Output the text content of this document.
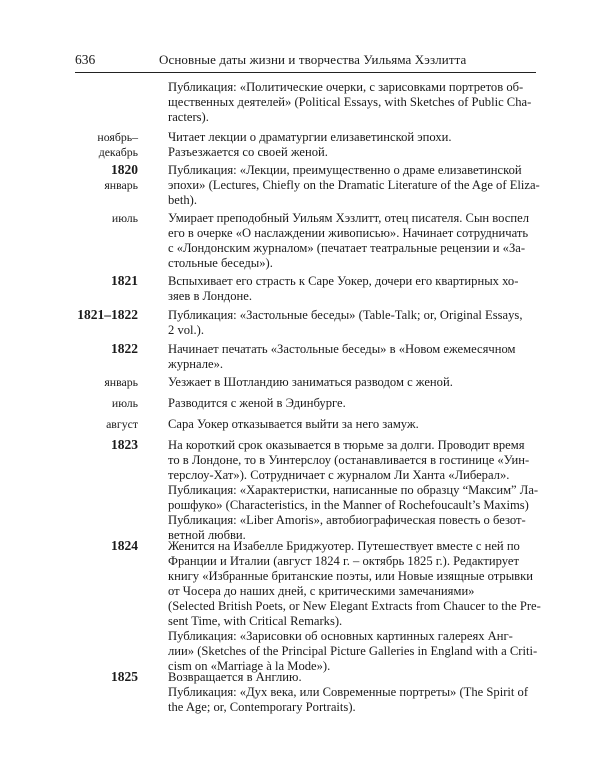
636	Основные даты жизни и творчества Уильяма Хэзлитта
Публикация: «Политические очерки, с зарисовками портретов об-
щественных деятелей» (Political Essays, with Sketches of Public Cha-
racters).
ноябрь–
декабрь
Читает лекции о драматургии елизаветинской эпохи.
Разъезжается со своей женой.
1820
январь
Публикация: «Лекции, преимущественно о драме елизаветинской
эпохи» (Lectures, Chiefly on the Dramatic Literature of the Age of Eliza-
beth).
июль Умирает преподобный Уильям Хэзлитт, отец писателя. Сын воспел
его в очерке «О наслаждении живописью». Начинает сотрудничать
с «Лондонским журналом» (печатает театральные рецензии и «За-
стольные беседы»).
1821 Вспыхивает его страсть к Саре Уокер, дочери его квартирных хо-
зяев в Лондоне.
1821–1822 Публикация: «Застольные беседы» (Table-Talk; or, Original Essays,
2 vol.).
1822 Начинает печатать «Застольные беседы» в «Новом ежемесячном
журнале».
январь Уезжает в Шотландию заниматься разводом с женой.
июль Разводится с женой в Эдинбурге.
август Сара Уокер отказывается выйти за него замуж.
1823 На короткий срок оказывается в тюрьме за долги. Проводит время
то в Лондоне, то в Уинтерслоу (останавливается в гостинице «Уин-
терслоу-Хат»). Сотрудничает с журналом Ли Ханта «Либерал».
Публикация: «Характеристки, написанные по образцу “Максим” Ла-
рошфуко» (Characteristics, in the Manner of Rochefoucault’s Maxims)
Публикация: «Liber Amoris», автобиографическая повесть о безот-
ветной любви.
1824 Женится на Изабелле Бриджуотер. Путешествует вместе с ней по
Франции и Италии (август 1824 г. – октябрь 1825 г.). Редактирует
книгу «Избранные британские поэты, или Новые изящные отрывки
от Чосера до наших дней, с критическими замечаниями»
(Selected British Poets, or New Elegant Extracts from Chaucer to the Pre-
sent Time, with Critical Remarks).
Публикация: «Зарисовки об основных картинных галереях Анг-
лии» (Sketches of the Principal Picture Galleries in England with a Criti-
cism on «Marriage à la Mode»).
1825 Возвращается в Англию.
Публикация: «Дух века, или Современные портреты» (The Spirit of
the Age; or, Contemporary Portraits).
